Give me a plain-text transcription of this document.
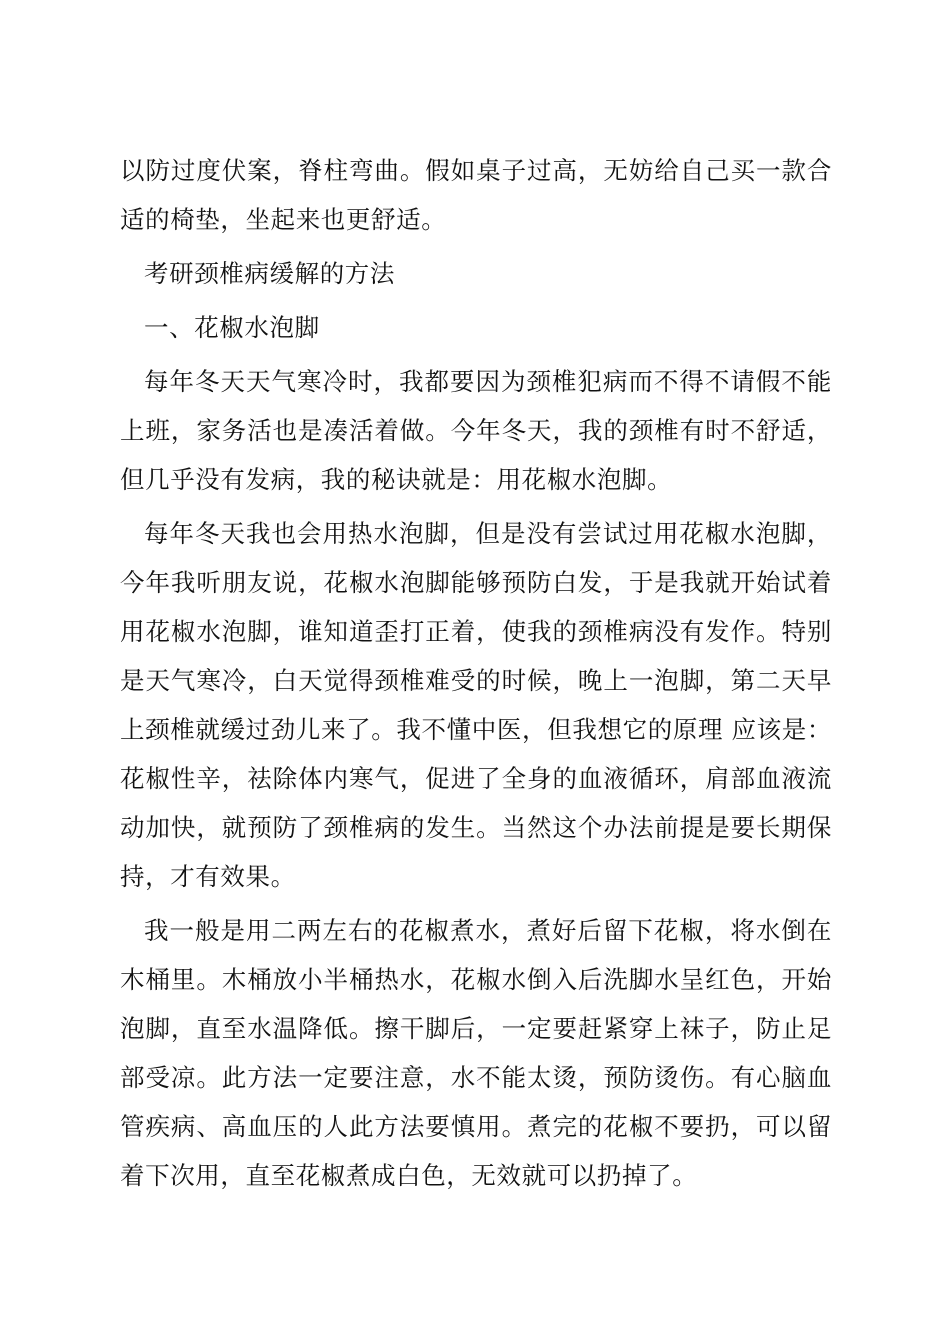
以防过度伏案，脊柱弯曲。假如桌子过高，无妨给自己买一款合适的椅垫，坐起来也更舒适。

考研颈椎病缓解的方法

一、花椒水泡脚

每年冬天天气寒冷时，我都要因为颈椎犯病而不得不请假不能上班，家务活也是凑活着做。今年冬天，我的颈椎有时不舒适，但几乎没有发病，我的秘诀就是：用花椒水泡脚。

每年冬天我也会用热水泡脚，但是没有尝试过用花椒水泡脚，今年我听朋友说，花椒水泡脚能够预防白发，于是我就开始试着用花椒水泡脚，谁知道歪打正着，使我的颈椎病没有发作。特别是天气寒冷，白天觉得颈椎难受的时候，晚上一泡脚，第二天早上颈椎就缓过劲儿来了。我不懂中医，但我想它的原理 应该是：花椒性辛，祛除体内寒气，促进了全身的血液循环，肩部血液流动加快，就预防了颈椎病的发生。当然这个办法前提是要长期保持，才有效果。

我一般是用二两左右的花椒煮水，煮好后留下花椒，将水倒在木桶里。木桶放小半桶热水，花椒水倒入后洗脚水呈红色，开始泡脚，直至水温降低。擦干脚后，一定要赶紧穿上袜子，防止足部受凉。此方法一定要注意，水不能太烫，预防烫伤。有心脑血管疾病、高血压的人此方法要慎用。煮完的花椒不要扔，可以留着下次用，直至花椒煮成白色，无效就可以扔掉了。
